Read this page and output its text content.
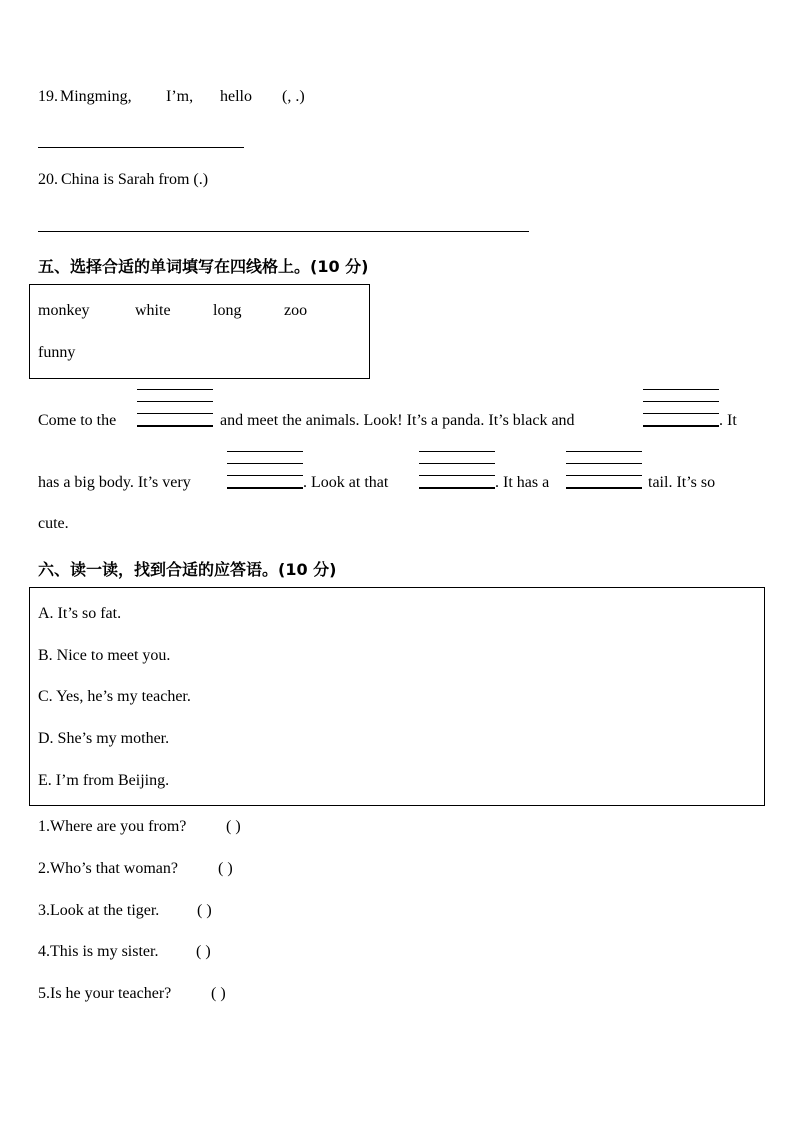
19. Mingming, I’m, hello (, .)
20. China is Sarah from (.)
五、选择合适的单词填写在四线格上。(10 分)
monkey	white	long	zoo
funny
Come to the	and meet the animals. Look! It’s a panda. It’s black and	. It
has a big body. It’s very	. Look at that	. It has a	tail. It’s so
cute.
六、读一读，找到合适的应答语。(10 分)
A. It’s so fat.
B. Nice to meet you.
C. Yes, he’s my teacher.
D. She’s my mother.
E. I’m from Beijing.
1.Where are you from? ( )
2.Who’s that woman?	( )
3.Look at the tiger. ( )
4.This is my sister. ( )
5.Is he your teacher? ( )
